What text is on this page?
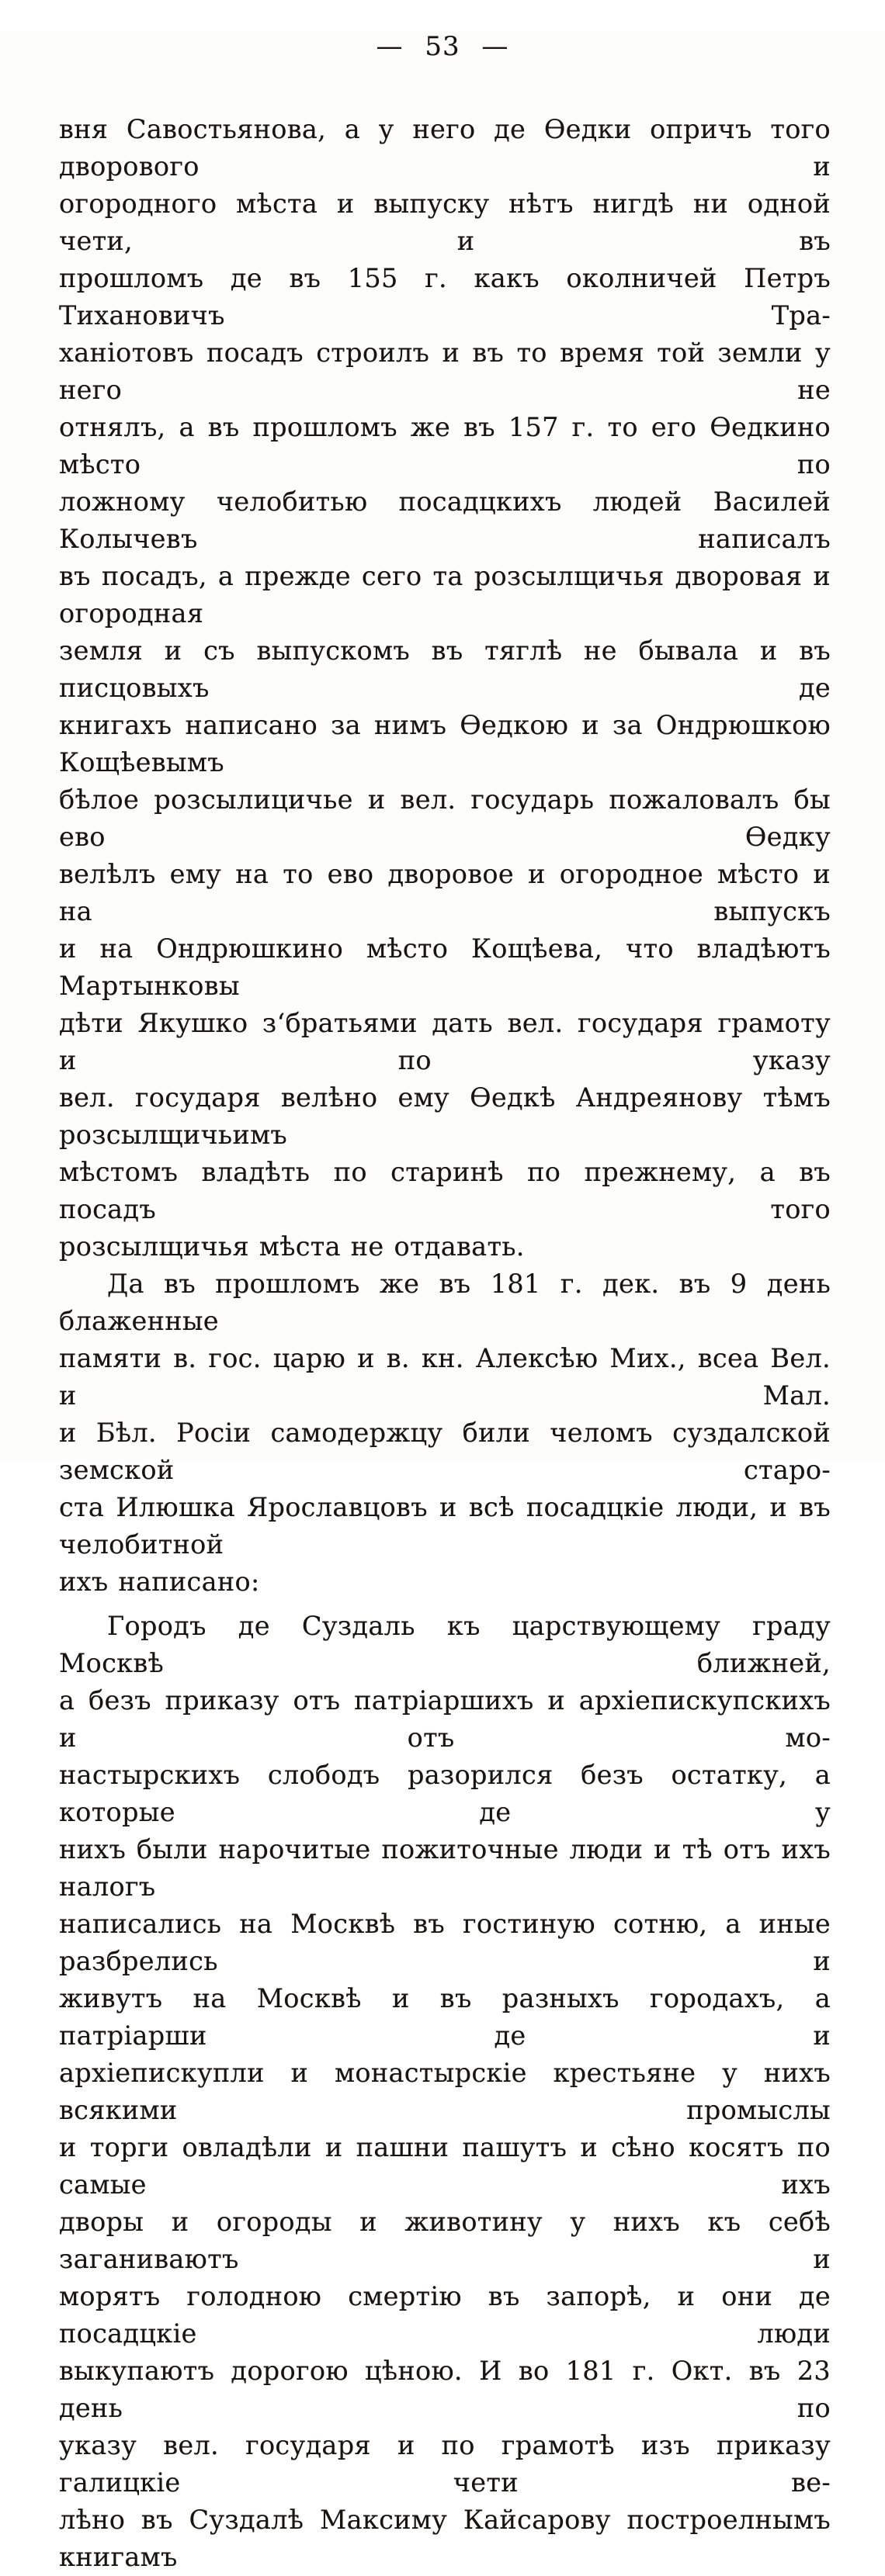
— 53 —
вня Савостьянова, а у него де Ѳедки опричъ того дворового и
огородного мѣста и выпуску нѣтъ нигдѣ ни одной чети, и въ
прошломъ де въ 155 г. какъ околничей Петръ Тихановичъ Тра-
ханіотовъ посадъ строилъ и въ то время той земли у него не
отнялъ, а въ прошломъ же въ 157 г. то его Ѳедкино мѣсто по
ложному челобитью посадцкихъ людей Василей Колычевъ написалъ
въ посадъ, а прежде сего та розсылщичья дворовая и огородная
земля и съ выпускомъ въ тяглѣ не бывала и въ писцовыхъ де
книгахъ написано за нимъ Ѳедкою и за Ондрюшкою Кощѣевымъ
бѣлое розсылицичье и вел. государь пожаловалъ бы ево Ѳедку
велѣлъ ему на то ево дворовое и огородное мѣсто и на выпускъ
и на Ондрюшкино мѣсто Кощѣева, что владѣютъ Мартынковы
дѣти Якушко з‘братьями дать вел. государя грамоту и по указу
вел. государя велѣно ему Ѳедкѣ Андреянову тѣмъ розсылщичьимъ
мѣстомъ владѣть по старинѣ по прежнему, а въ посадъ того
розсылщичья мѣста не отдавать.
Да въ прошломъ же въ 181 г. дек. въ 9 день блаженные
памяти в. гос. царю и в. кн. Алексѣю Мих., всеа Вел. и Мал.
и Бѣл. Росіи самодержцу били челомъ суздалской земской старо-
ста Илюшка Ярославцовъ и всѣ посадцкіе люди, и въ челобитной
ихъ написано:
Городъ де Суздаль къ царствующему граду Москвѣ ближней,
а безъ приказу отъ патріаршихъ и архіепискупскихъ и отъ мо-
настырскихъ слободъ разорился безъ остатку, а которые де у
нихъ были нарочитые пожиточные люди и тѣ отъ ихъ налогъ
написались на Москвѣ въ гостиную сотню, а иные разбрелись и
живутъ на Москвѣ и въ разныхъ городахъ, а патріарши де и
архіепискупли и монастырскіе крестьяне у нихъ всякими промыслы
и торги овладѣли и пашни пашутъ и сѣно косятъ по самые ихъ
дворы и огороды и животину у нихъ къ себѣ заганиваютъ и
морятъ голодною смертію въ запорѣ, и они де посадцкіе люди
выкупаютъ дорогою цѣною. И во 181 г. Окт. въ 23 день по
указу вел. государя и по грамотѣ изъ приказу галицкіе чети ве-
лѣно въ Суздалѣ Максиму Кайсарову построелнымъ книгамъ
